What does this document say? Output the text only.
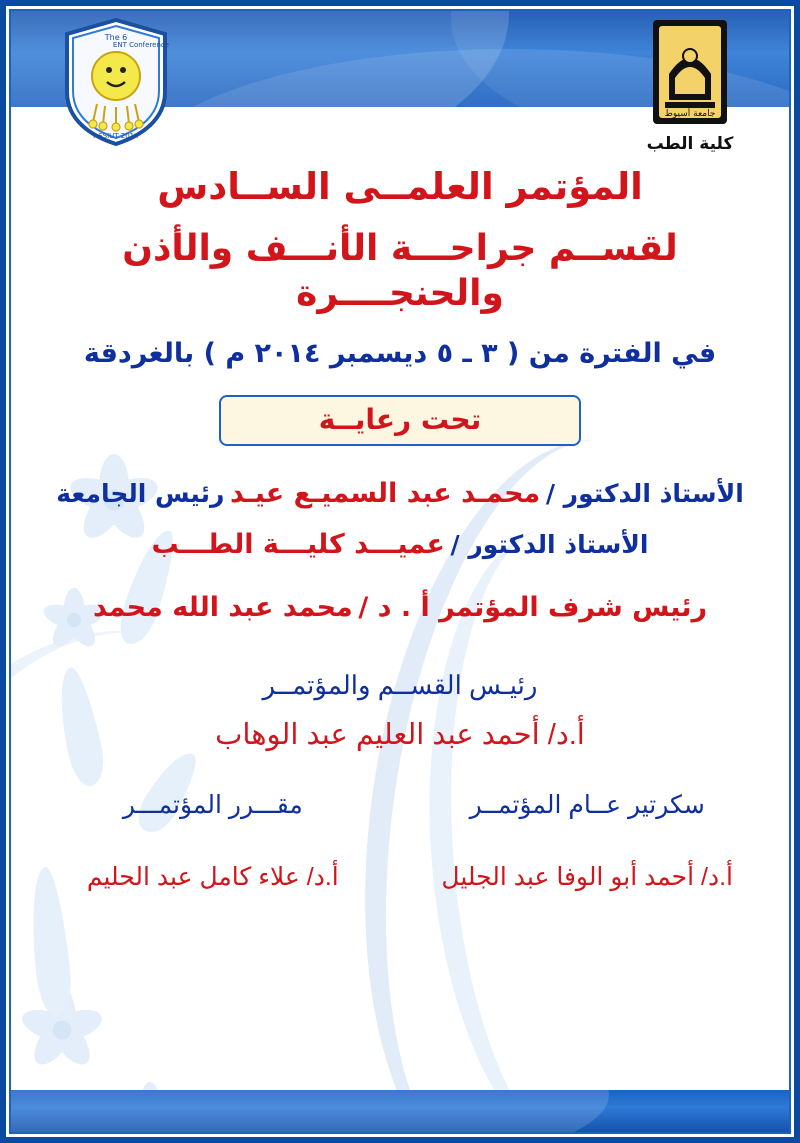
The 6
ENT Conference
ASSIUT 2014
جامعة أسيوط
كلية الطب
المؤتمر العلمــى الســادس
لقســم جراحـــة الأنـــف والأذن والحنجــــرة
في الفترة من ( ٣ ـ ٥ ديسمبر ٢٠١٤ م ) بالغردقة
تحت رعايــة
الأستاذ الدكتور / محمـد عبد السميـع عيـد رئيس الجامعة
الأستاذ الدكتور / عميـــد كليـــة الطـــب
رئيس شرف المؤتمر أ . د / محمد عبد الله محمد
رئيـس القســم والمؤتمــر
أ.د/ أحمد عبد العليم عبد الوهاب
سكرتير عــام المؤتمــر
أ.د/ أحمد أبو الوفا عبد الجليل
مقـــرر المؤتمـــر
أ.د/ علاء كامل عبد الحليم
